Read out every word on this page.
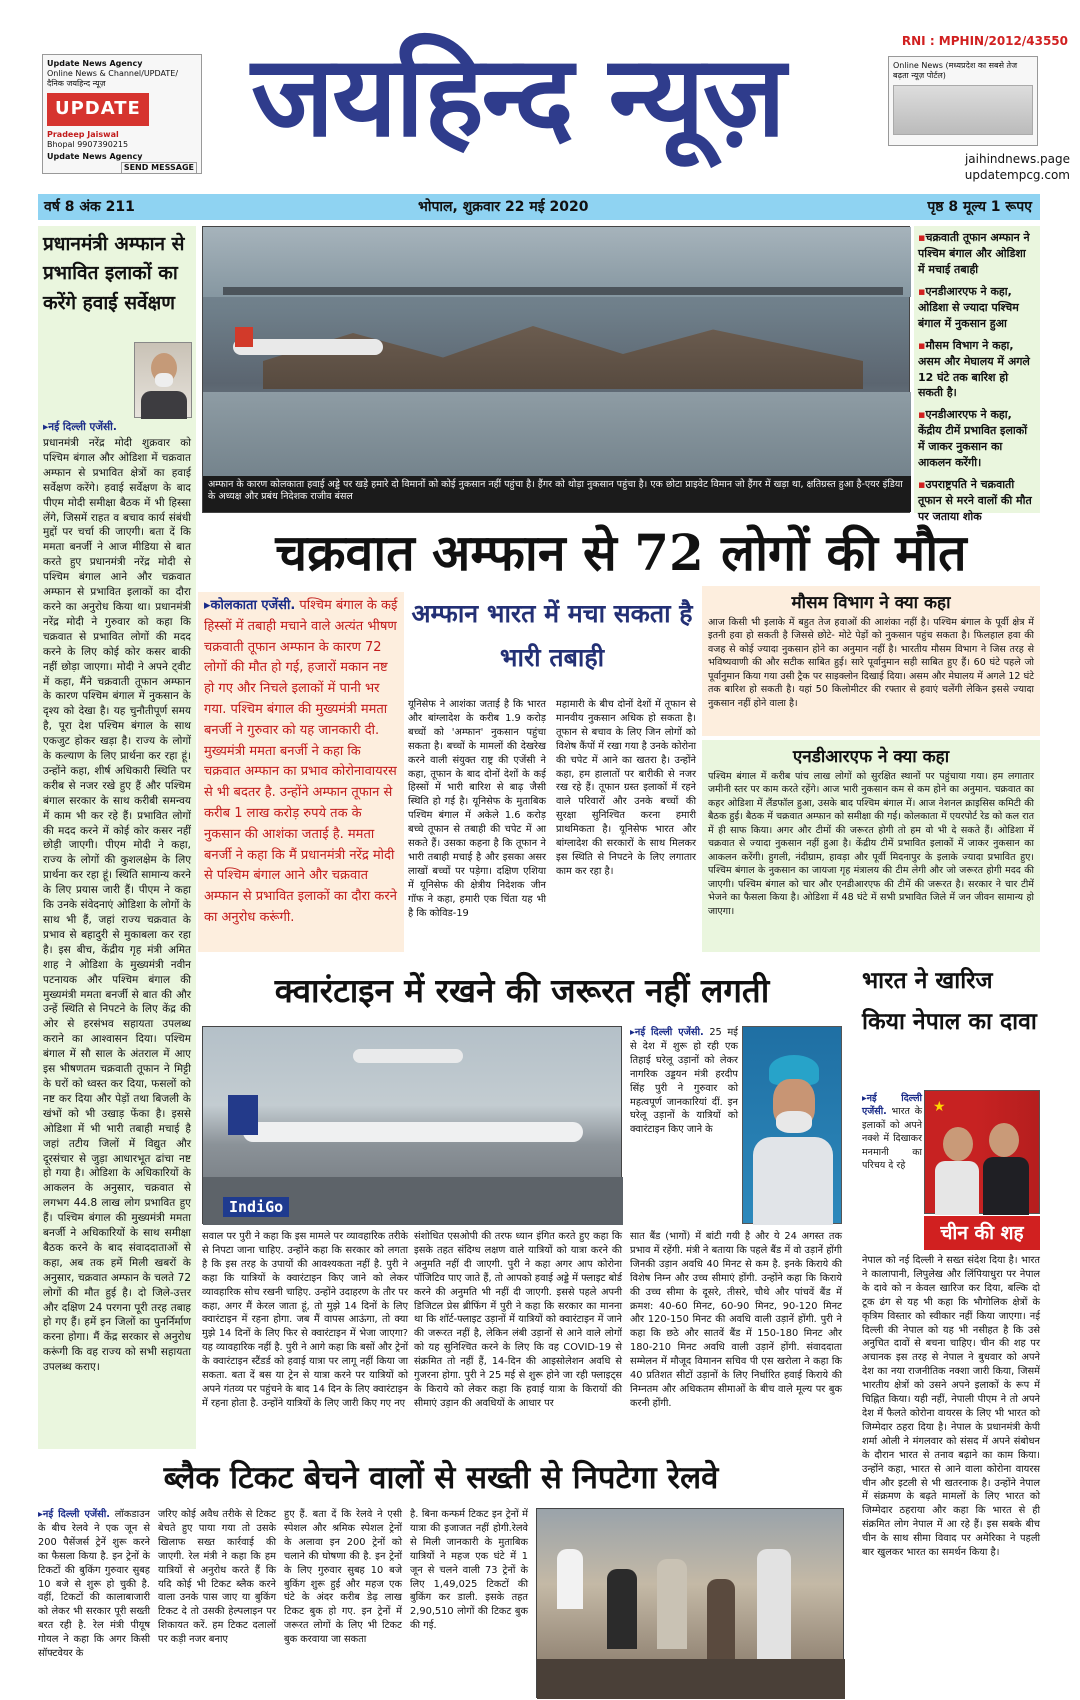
Update News Agency
Online News & Channel/UPDATE/ दैनिक जयहिन्द न्यूज़
UPDATE
Pradeep Jaiswal
Bhopal 9907390215
Update News Agency
SEND MESSAGE
जयहिन्द न्यूज़	RNI : MPHIN/2012/43550
Online News (मध्यप्रदेश का सबसे तेज बढ़ता न्यूज़ पोर्टल)
jaihindnews.page
updatempcg.com
वर्ष 8 अंक 211	भोपाल, शुक्रवार 22 मई 2020	पृष्ठ 8 मूल्य 1 रूपए
प्रधानमंत्री अम्फान से प्रभावित इलाकों का करेंगे हवाई सर्वेक्षण
▸नई दिल्ली एजेंसी.
प्रधानमंत्री नरेंद्र मोदी शुक्रवार को पश्चिम बंगाल और ओडिशा में चक्रवात अम्फान से प्रभावित क्षेत्रों का हवाई सर्वेक्षण करेंगे। हवाई सर्वेक्षण के बाद पीएम मोदी समीक्षा बैठक में भी हिस्सा लेंगे, जिसमें राहत व बचाव कार्य संबंधी मुद्दों पर चर्चा की जाएगी। बता दें कि ममता बनर्जी ने आज मीडिया से बात करते हुए प्रधानमंत्री नरेंद्र मोदी से पश्चिम बंगाल आने और चक्रवात अम्फान से प्रभावित इलाकों का दौरा करने का अनुरोध किया था। प्रधानमंत्री नरेंद्र मोदी ने गुरुवार को कहा कि चक्रवात से प्रभावित लोगों की मदद करने के लिए कोई कोर कसर बाकी नहीं छोड़ा जाएगा। मोदी ने अपने ट्वीट में कहा, मैंने चक्रवाती तूफान अम्फान के कारण पश्चिम बंगाल में नुकसान के दृश्य को देखा है। यह चुनौतीपूर्ण समय है, पूरा देश पश्चिम बंगाल के साथ एकजुट होकर खड़ा है। राज्य के लोगों के कल्याण के लिए प्रार्थना कर रहा हूं। उन्होंने कहा, शीर्ष अधिकारी स्थिति पर करीब से नजर रखे हुए हैं और पश्चिम बंगाल सरकार के साथ करीबी समन्वय में काम भी कर रहे हैं। प्रभावित लोगों की मदद करने में कोई कोर कसर नहीं छोड़ी जाएगी। पीएम मोदी ने कहा, राज्य के लोगों की कुशलक्षेम के लिए प्रार्थना कर रहा हूं। स्थिति सामान्य करने के लिए प्रयास जारी हैं। पीएम ने कहा कि उनके संवेदनाएं ओडिशा के लोगों के साथ भी हैं, जहां राज्य चक्रवात के प्रभाव से बहादुरी से मुकाबला कर रहा है। इस बीच, केंद्रीय गृह मंत्री अमित शाह ने ओडिशा के मुख्यमंत्री नवीन पटनायक और पश्चिम बंगाल की मुख्यमंत्री ममता बनर्जी से बात की और उन्हें स्थिति से निपटने के लिए केंद्र की ओर से हरसंभव सहायता उपलब्ध कराने का आश्वासन दिया। पश्चिम बंगाल में सौ साल के अंतराल में आए इस भीषणतम चक्रवाती तूफान ने मिट्टी के घरों को ध्वस्त कर दिया, फसलों को नष्ट कर दिया और पेड़ों तथा बिजली के खंभों को भी उखाड़ फेंका है। इससे ओडिशा में भी भारी तबाही मचाई है जहां तटीय जिलों में विद्युत और दूरसंचार से जुड़ा आधारभूत ढांचा नष्ट हो गया है। ओडिशा के अधिकारियों के आकलन के अनुसार, चक्रवात से लगभग 44.8 लाख लोग प्रभावित हुए हैं। पश्चिम बंगाल की मुख्यमंत्री ममता बनर्जी ने अधिकारियों के साथ समीक्षा बैठक करने के बाद संवाददाताओं से कहा, अब तक हमें मिली खबरों के अनुसार, चक्रवात अम्फान के चलते 72 लोगों की मौत हुई है। दो जिले-उत्तर और दक्षिण 24 परगना पूरी तरह तबाह हो गए हैं। हमें इन जिलों का पुनर्निर्माण करना होगा। मैं केंद्र सरकार से अनुरोध करूंगी कि वह राज्य को सभी सहायता उपलब्ध कराए।
अम्फान के कारण कोलकाता हवाई अड्डे पर खड़े हमारे दो विमानों को कोई नुकसान नहीं पहुंचा है। हैंगर को थोड़ा नुकसान पहुंचा है। एक छोटा प्राइवेट विमान जो हैंगर में खड़ा था, क्षतिग्रस्त हुआ है-एयर इंडिया के अध्यक्ष और प्रबंध निदेशक राजीव बंसल
▪चक्रवाती तूफान अम्फान ने पश्चिम बंगाल और ओडिशा में मचाई तबाही
▪एनडीआरएफ ने कहा, ओडिशा से ज्यादा पश्चिम बंगाल में नुकसान हुआ
▪मौसम विभाग ने कहा, असम और मेघालय में अगले 12 घंटे तक बारिश हो सकती है।
▪एनडीआरएफ ने कहा, केंद्रीय टीमें प्रभावित इलाकों में जाकर नुकसान का आकलन करेंगी।
▪उपराष्ट्रपति ने चक्रवाती तूफान से मरने वालों की मौत पर जताया शोक
चक्रवात अम्फान से 72 लोगों की मौत
▸कोलकाता एजेंसी. पश्चिम बंगाल के कई हिस्सों में तबाही मचाने वाले अत्यंत भीषण चक्रवाती तूफान अम्फान के कारण 72 लोगों की मौत हो गई, हजारों मकान नष्ट हो गए और निचले इलाकों में पानी भर गया. पश्चिम बंगाल की मुख्यमंत्री ममता बनर्जी ने गुरुवार को यह जानकारी दी. मुख्यमंत्री ममता बनर्जी ने कहा कि चक्रवात अम्फान का प्रभाव कोरोनावायरस से भी बदतर है. उन्होंने अम्फान तूफान से करीब 1 लाख करोड़ रुपये तक के नुकसान की आशंका जताई है. ममता बनर्जी ने कहा कि मैं प्रधानमंत्री नरेंद्र मोदी से पश्चिम बंगाल आने और चक्रवात अम्फान से प्रभावित इलाकों का दौरा करने का अनुरोध करूंगी.
अम्फान भारत में मचा सकता है भारी तबाही
यूनिसेफ ने आशंका जताई है कि भारत और बांग्लादेश के करीब 1.9 करोड़ बच्चों को 'अम्फान' नुकसान पहुंचा सकता है। बच्चों के मामलों की देखरेख करने वाली संयुक्त राष्ट्र की एजेंसी ने कहा, तूफान के बाद दोनों देशों के कई हिस्सों में भारी बारिश से बाढ़ जैसी स्थिति हो गई है। यूनिसेफ के मुताबिक पश्चिम बंगाल में अकेले 1.6 करोड़ बच्चे तूफान से तबाही की चपेट में आ सकते हैं। उसका कहना है कि तूफान ने भारी तबाही मचाई है और इसका असर लाखों बच्चों पर पड़ेगा। दक्षिण एशिया में यूनिसेफ की क्षेत्रीय निदेशक जीन गॉफ ने कहा, हमारी एक चिंता यह भी है कि कोविड-19
महामारी के बीच दोनों देशों में तूफान से मानवीय नुकसान अधिक हो सकता है। तूफान से बचाव के लिए जिन लोगों को विशेष कैंपों में रखा गया है उनके कोरोना की चपेट में आने का खतरा है। उन्होंने कहा, हम हालातों पर बारीकी से नजर रख रहे हैं। तूफान ग्रस्त इलाकों में रहने वाले परिवारों और उनके बच्चों की सुरक्षा सुनिश्चित करना हमारी प्राथमिकता है। यूनिसेफ भारत और बांग्लादेश की सरकारों के साथ मिलकर इस स्थिति से निपटने के लिए लगातार काम कर रहा है।
मौसम विभाग ने क्या कहा
आज किसी भी इलाके में बहुत तेज हवाओं की आशंका नहीं है। पश्चिम बंगाल के पूर्वी क्षेत्र में इतनी हवा हो सकती है जिससे छोटे- मोटे पेड़ों को नुकसान पहुंच सकता है। फिलहाल हवा की वजह से कोई ज्यादा नुकसान होने का अनुमान नहीं है। भारतीय मौसम विभाग ने जिस तरह से भविष्यवाणी की और सटीक साबित हुई। सारे पूर्वानुमान सही साबित हुए हैं। 60 घंटे पहले जो पूर्वानुमान किया गया उसी ट्रैक पर साइक्लोन दिखाई दिया। असम और मेघालय में अगले 12 घंटे तक बारिश हो सकती है। यहां 50 किलोमीटर की रफ्तार से हवाएं चलेंगी लेकिन इससे ज्यादा नुकसान नहीं होने वाला है।
एनडीआरएफ ने क्या कहा
पश्चिम बंगाल में करीब पांच लाख लोगों को सुरक्षित स्थानों पर पहुंचाया गया। हम लगातार जमीनी स्तर पर काम करते रहेंगे। आज भारी नुकसान कम से कम होने का अनुमान. चक्रवात का कहर ओडिशा में लैंडफॉल हुआ, उसके बाद पश्चिम बंगाल में। आज नेशनल क्राइसिस कमिटी की बैठक हुई। बैठक में चक्रवात अम्फान को समीक्षा की गई। कोलकाता में एयरपोर्ट रेड को कल रात में ही साफ किया। अगर और टीमों की जरूरत होगी तो हम वो भी दे सकते हैं। ओडिशा में चक्रवात से ज्यादा नुकसान नहीं हुआ है। केंद्रीय टीमें प्रभावित इलाकों में जाकर नुकसान का आकलन करेंगी। हुगली, नंदीग्राम, हावड़ा और पूर्वी मिदनापुर के इलाके ज्यादा प्रभावित हुए। पश्चिम बंगाल के नुकसान का जायजा गृह मंत्रालय की टीम लेगी और जो जरूरत होगी मदद की जाएगी। पश्चिम बंगाल को चार और एनडीआरएफ की टीमें की जरूरत है। सरकार ने चार टीमें भेजने का फैसला किया है। ओडिशा में 48 घंटे में सभी प्रभावित जिले में जन जीवन सामान्य हो जाएगा।
क्वारंटाइन में रखने की जरूरत नहीं लगती
IndiGo
▸नई दिल्ली एजेंसी. 25 मई से देश में शुरू हो रही एक तिहाई घरेलू उड़ानों को लेकर नागरिक उड्डयन मंत्री हरदीप सिंह पुरी ने गुरुवार को महत्वपूर्ण जानकारियां दीं. इन घरेलू उड़ानों के यात्रियों को क्वारंटाइन किए जाने के
सवाल पर पुरी ने कहा कि इस मामले पर व्यावहारिक तरीके से निपटा जाना चाहिए. उन्होंने कहा कि सरकार को लगता है कि इस तरह के उपायों की आवश्यकता नहीं है. पुरी ने कहा कि यात्रियों के क्वारंटाइन किए जाने को लेकर व्यावहारिक सोच रखनी चाहिए. उन्होंने उदाहरण के तौर पर कहा, अगर मैं केरल जाता हूं, तो मुझे 14 दिनों के लिए क्वारंटाइन में रहना होगा. जब मैं वापस आऊंगा, तो क्या मुझे 14 दिनों के लिए फिर से क्वारंटाइन में भेजा जाएगा? यह व्यावहारिक नहीं है. पुरी ने आगे कहा कि बसों और ट्रेनों के क्वारंटाइन स्टैंडर्ड को हवाई यात्रा पर लागू नहीं किया जा सकता. बता दें बस या ट्रेन से यात्रा करने पर यात्रियों को अपने गंतव्य पर पहुंचने के बाद 14 दिन के लिए क्वारंटाइन में रहना होता है. उन्होंने यात्रियों के लिए जारी किए गए नए
संशोधित एसओपी की तरफ ध्यान इंगित करते हुए कहा कि इसके तहत संदिग्ध लक्षण वाले यात्रियों को यात्रा करने की अनुमति नहीं दी जाएगी. पुरी ने कहा अगर आप कोरोना पॉजिटिव पाए जाते हैं, तो आपको हवाई अड्डे में फ्लाइट बोर्ड करने की अनुमति भी नहीं दी जाएगी. इससे पहले अपनी डिजिटल प्रेस ब्रीफिंग में पुरी ने कहा कि सरकार का मानना था कि शॉर्ट-फ्लाइट उड़ानों में यात्रियों को क्वारंटाइन में जाने की जरूरत नहीं है, लेकिन लंबी उड़ानों से आने वाले लोगों को यह सुनिश्चित करने के लिए कि वह COVID-19 से संक्रमित तो नहीं हैं, 14-दिन की आइसोलेशन अवधि से गुजरना होगा. पुरी ने 25 मई से शुरू होने जा रही फ्लाइट्स के किराये को लेकर कहा कि हवाई यात्रा के किरायों की सीमाएं उड़ान की अवधियों के आधार पर
सात बैंड (भागों) में बांटी गयी है और ये 24 अगस्त तक प्रभाव में रहेंगी. मंत्री ने बताया कि पहले बैंड में वो उड़ानें होंगी जिनकी उड़ान अवधि 40 मिनट से कम है. इनके किराये की विशेष निम्न और उच्च सीमाएं होंगी. उन्होंने कहा कि किराये की उच्च सीमा के दूसरे, तीसरे, चौथे और पांचवें बैंड में क्रमश: 40-60 मिनट, 60-90 मिनट, 90-120 मिनट और 120-150 मिनट की अवधि वाली उड़ानें होंगी. पुरी ने कहा कि छठे और सातवें बैंड में 150-180 मिनट और 180-210 मिनट अवधि वाली उड़ानें होंगी. संवाददाता सम्मेलन में मौजूद विमानन सचिव पी एस खरोला ने कहा कि 40 प्रतिशत सीटों उड़ानों के लिए निर्धारित हवाई किराये की निम्नतम और अधिकतम सीमाओं के बीच वाले मूल्य पर बुक करनी होंगी.
भारत ने खारिज किया नेपाल का दावा
▸नई दिल्ली एजेंसी. भारत के इलाकों को अपने नक्शे में दिखाकर मनमानी का परिचय दे रहे
★
चीन की शह
नेपाल को नई दिल्ली ने सख्त संदेश दिया है। भारत ने कालापानी, लिपुलेख और लिंपियाधुरा पर नेपाल के दावे को न केवल खारिज कर दिया, बल्कि दो टूक ढंग से यह भी कहा कि भौगोलिक क्षेत्रों के कृत्रिम विस्तार को स्वीकार नहीं किया जाएगा। नई दिल्ली की नेपाल को यह भी नसीहत है कि उसे अनुचित दावों से बचना चाहिए। चीन की शह पर अचानक इस तरह से नेपाल ने बुधवार को अपने देश का नया राजनीतिक नक्शा जारी किया, जिसमें भारतीय क्षेत्रों को उसने अपने इलाकों के रूप में चिह्नित किया। यही नहीं, नेपाली पीएम ने तो अपने देश में फैलते कोरोना वायरस के लिए भी भारत को जिम्मेदार ठहरा दिया है। नेपाल के प्रधानमंत्री केपी शर्मा ओली ने मंगलवार को संसद में अपने संबोधन के दौरान भारत से तनाव बढ़ाने का काम किया। उन्होंने कहा, भारत से आने वाला कोरोना वायरस चीन और इटली से भी खतरनाक है। उन्होंने नेपाल में संक्रमण के बढ़ते मामलों के लिए भारत को जिम्मेदार ठहराया और कहा कि भारत से ही संक्रमित लोग नेपाल में आ रहे हैं। इस सबके बीच चीन के साथ सीमा विवाद पर अमेरिका ने पहली बार खुलकर भारत का समर्थन किया है।
ब्लैक टिकट बेचने वालों से सख्ती से निपटेगा रेलवे
▸नई दिल्ली एजेंसी. लॉकडाउन के बीच रेलवे ने एक जून से 200 पैसेंजर्स ट्रेनें शुरू करने का फैसला किया है. इन ट्रेनों के टिकटों की बुकिंग गुरुवार सुबह 10 बजे से शुरू हो चुकी है. वहीं, टिकटों की कालाबाजारी को लेकर भी सरकार पूरी सख्ती बरत रही है. रेल मंत्री पीयूष गोयल ने कहा कि अगर किसी सॉफ्टवेयर के
जरिए कोई अवैध तरीके से टिकट बेचते हुए पाया गया तो उसके खिलाफ सख्त कार्रवाई की जाएगी. रेल मंत्री ने कहा कि हम यात्रियों से अनुरोध करते हैं कि यदि कोई भी टिकट ब्लैक करने वाला उनके पास जाए या बुकिंग टिकट दे तो उसकी हेल्पलाइन पर शिकायत करें. हम टिकट दलालों पर कड़ी नजर बनाए
हुए हैं. बता दें कि रेलवे ने एसी स्पेशल और श्रमिक स्पेशल ट्रेनों के अलावा इन 200 ट्रेनों को चलाने की घोषणा की है. इन ट्रेनों के लिए गुरुवार सुबह 10 बजे बुकिंग शुरू हुई और महज एक घंटे के अंदर करीब डेढ़ लाख टिकट बुक हो गए. इन ट्रेनों में जरूरत लोगों के लिए भी टिकट बुक करवाया जा सकता
है. बिना कन्फर्म टिकट इन ट्रेनों में यात्रा की इजाजत नहीं होगी.रेलवे से मिली जानकारी के मुताबिक यात्रियों ने महज एक घंटे में 1 जून से चलने वाली 73 ट्रेनों के लिए 1,49,025 टिकटों की बुकिंग कर डाली. इसके तहत 2,90,510 लोगों की टिकट बुक की गई.
